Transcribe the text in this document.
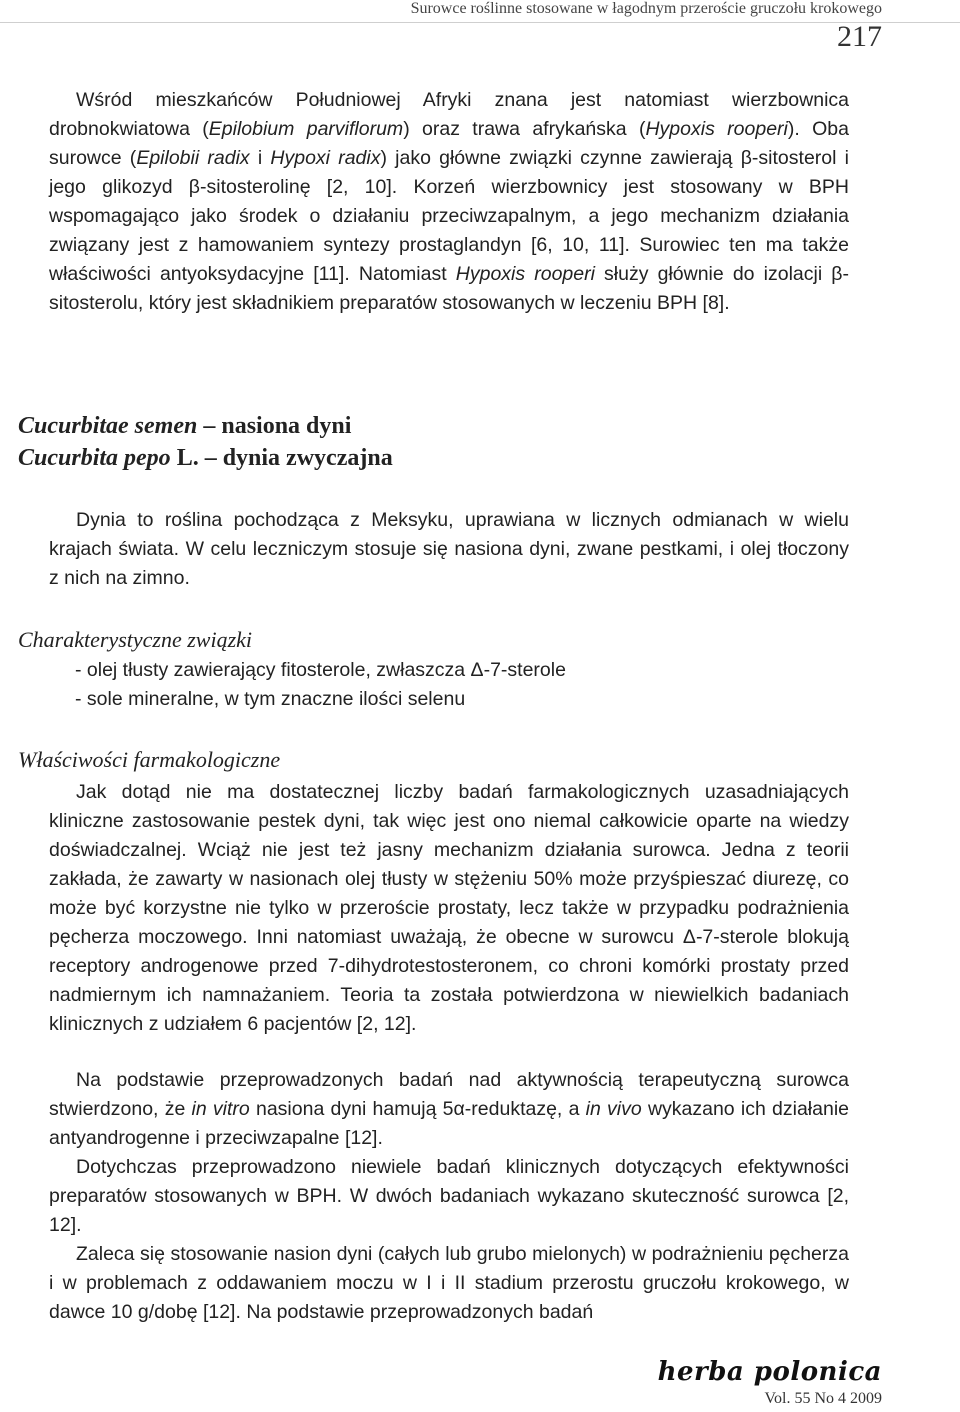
Surowce roślinne stosowane w łagodnym przeroście gruczołu krokowego
217

Wśród mieszkańców Południowej Afryki znana jest natomiast wierzbownica drobnokwiatowa (Epilobium parviflorum) oraz trawa afrykańska (Hypoxis rooperi). Oba surowce (Epilobii radix i Hypoxi radix) jako główne związki czynne zawierają β-sitosterol i jego glikozyd β-sitosterolinę [2, 10]. Korzeń wierzbownicy jest stosowany w BPH wspomagająco jako środek o działaniu przeciwzapalnym, a jego mechanizm działania związany jest z hamowaniem syntezy prostaglandyn [6, 10, 11]. Surowiec ten ma także właściwości antyoksydacyjne [11]. Natomiast Hypoxis rooperi służy głównie do izolacji β-sitosterolu, który jest składnikiem preparatów stosowanych w leczeniu BPH [8].

Cucurbitae semen – nasiona dyni
Cucurbita pepo L. – dynia zwyczajna

Dynia to roślina pochodząca z Meksyku, uprawiana w licznych odmianach w wielu krajach świata. W celu leczniczym stosuje się nasiona dyni, zwane pestkami, i olej tłoczony z nich na zimno.

Charakterystyczne związki
- olej tłusty zawierający fitosterole, zwłaszcza Δ-7-sterole
- sole mineralne, w tym znaczne ilości selenu
Właściwości farmakologiczne

Jak dotąd nie ma dostatecznej liczby badań farmakologicznych uzasadniających kliniczne zastosowanie pestek dyni, tak więc jest ono niemal całkowicie oparte na wiedzy doświadczalnej. Wciąż nie jest też jasny mechanizm działania surowca. Jedna z teorii zakłada, że zawarty w nasionach olej tłusty w stężeniu 50% może przyśpieszać diurezę, co może być korzystne nie tylko w przeroście prostaty, lecz także w przypadku podrażnienia pęcherza moczowego. Inni natomiast uważają, że obecne w surowcu Δ-7-sterole blokują receptory androgenowe przed 7-dihydrotestosteronem, co chroni komórki prostaty przed nadmiernym ich namnażaniem. Teoria ta została potwierdzona w niewielkich badaniach klinicznych z udziałem 6 pacjentów [2, 12].

Na podstawie przeprowadzonych badań nad aktywnością terapeutyczną surowca stwierdzono, że in vitro nasiona dyni hamują 5α-reduktazę, a in vivo wykazano ich działanie antyandrogenne i przeciwzapalne [12].

Dotychczas przeprowadzono niewiele badań klinicznych dotyczących efektywności preparatów stosowanych w BPH. W dwóch badaniach wykazano skuteczność surowca [2, 12].

Zaleca się stosowanie nasion dyni (całych lub grubo mielonych) w podrażnieniu pęcherza i w problemach z oddawaniem moczu w I i II stadium przerostu gruczołu krokowego, w dawce 10 g/dobę [12]. Na podstawie przeprowadzonych badań

herba polonica
Vol. 55 No 4 2009
